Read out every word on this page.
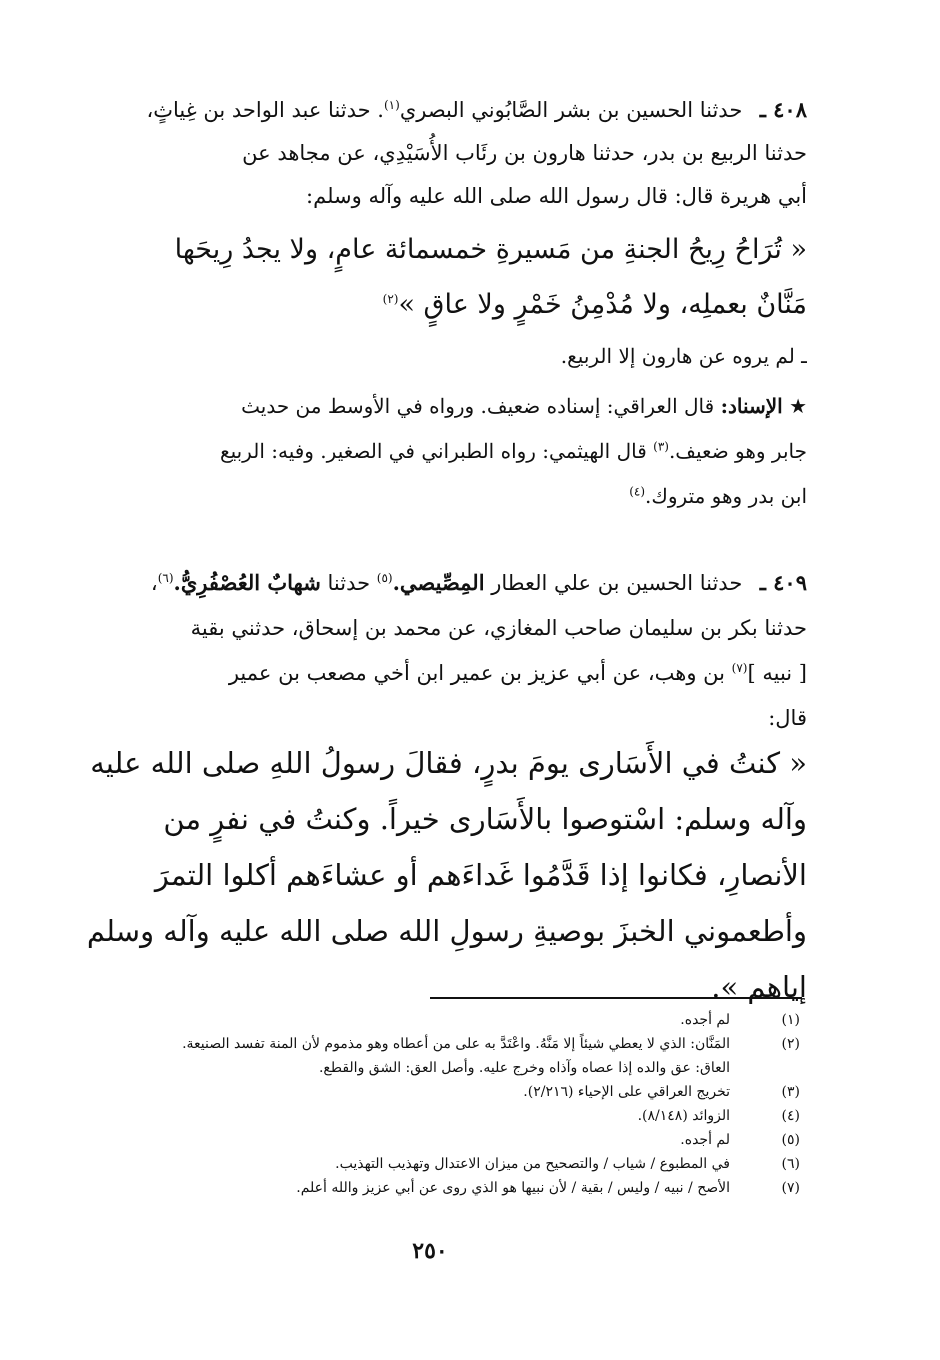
٤٠٨ ـ حدثنا الحسين بن بشر الصَّابُوني البصري$^{(١)}$. حدثنا عبد الواحد بن غِياثٍ،
حدثنا الربيع بن بدر، حدثنا هارون بن رئَاب الأُسَيْدِي، عن مجاهد عن
أبي هريرة قال: قال رسول الله صلى الله عليه وآله وسلم:
« تُرَاحُ رِيحُ الجنةِ من مَسيرةِ خمسمائة عامٍ، ولا يجدُ رِيحَها
مَنَّانٌ بعملِه، ولا مُدْمِنُ خَمْرٍ ولا عاقٍ »$^{(٢)}$
ـ لم يروه عن هارون إلا الربيع.
★ الإسناد: قال العراقي: إسناده ضعيف. ورواه في الأوسط من حديث
جابر وهو ضعيف.$^{(٣)}$ قال الهيثمي: رواه الطبراني في الصغير. وفيه: الربيع
ابن بدر وهو متروك.$^{(٤)}$
٤٠٩ ـ حدثنا الحسين بن علي العطار المِصِّيصي.$^{(٥)}$ حدثنا شهابٌ العُصْفُرِيُّ.$^{(٦)}$،
حدثنا بكر بن سليمان صاحب المغازي، عن محمد بن إسحاق، حدثني بقية
[ نبيه ]$^{(٧)}$ بن وهب، عن أبي عزيز بن عمير ابن أخي مصعب بن عمير
قال:
« كنتُ في الأَسَارى يومَ بدرٍ، فقالَ رسولُ اللهِ صلى الله عليه
وآله وسلم: اسْتوصوا بالأَسَارى خيراً. وكنتُ في نفرٍ من
الأنصارِ، فكانوا إذا قَدَّمُوا غَداءَهم أو عشاءَهم أكلوا التمرَ
وأطعموني الخبزَ بوصيةِ رسولِ الله صلى الله عليه وآله وسلم
إياهم ».
(١)لم أجده.
(٢)المَنَّان: الذي لا يعطي شيئاً إلا مَنَّهُ. واعْتَدَّ به على من أعطاه وهو مذموم لأن المنة تفسد الصنيعة.
العاق: عق والده إذا عصاه وآذاه وخرج عليه. وأصل العق: الشق والقطع.
(٣)تخريج العراقي على الإحياء (٢/٢١٦).
(٤)الزوائد (٨/١٤٨).
(٥)لم أجده.
(٦)في المطبوع / شياب / والتصحيح من ميزان الاعتدال وتهذيب التهذيب.
(٧)الأصح / نبيه / وليس / بقية / لأن نبيها هو الذي روى عن أبي عزيز والله أعلم.
٢٥٠
